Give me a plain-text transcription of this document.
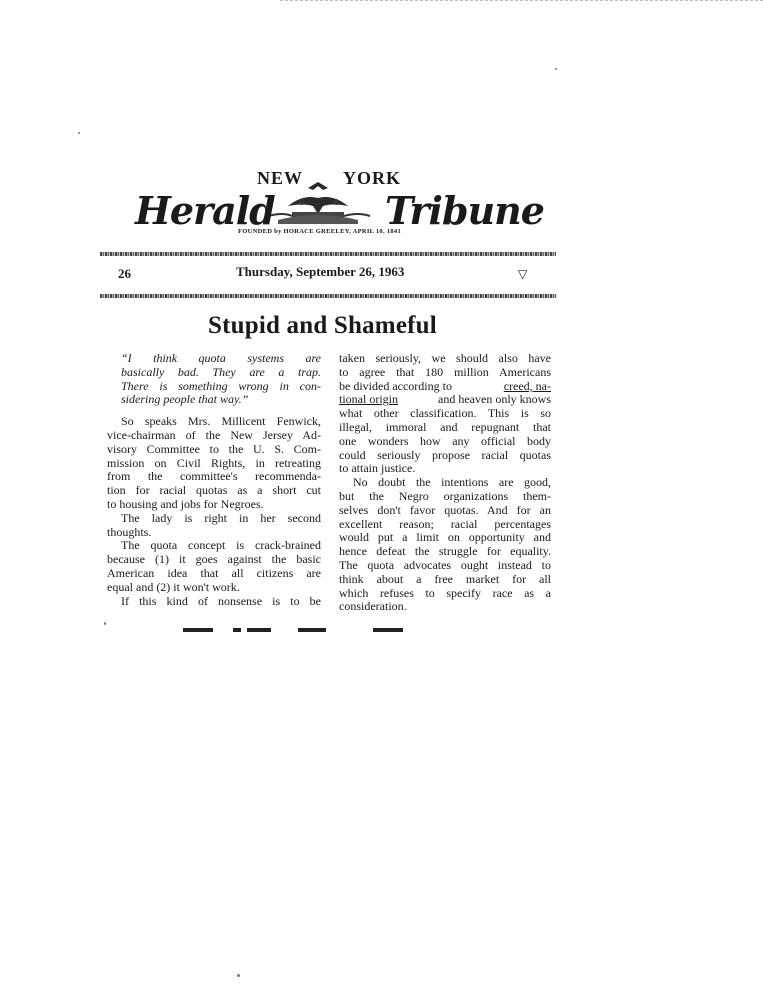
NEW YORK
Herald	Tribune
FOUNDED by HORACE GREELEY, APRIL 10, 1841
26	Thursday, September 26, 1963	▽
Stupid and Shameful
“I think quota systems are
basically bad. They are a trap.
There is something wrong in con-
sidering people that way.”
So speaks Mrs. Millicent Fenwick,
vice-chairman of the New Jersey Ad-
visory Committee to the U. S. Com-
mission on Civil Rights, in retreating
from the committee's recommenda-
tion for racial quotas as a short cut
to housing and jobs for Negroes.
The lady is right in her second
thoughts.
The quota concept is crack-brained
because (1) it goes against the basic
American idea that all citizens are
equal and (2) it won't work.
If this kind of nonsense is to be
taken seriously, we should also have
to agree that 180 million Americans
be divided according to	creed, na-
tional origin	and heaven only knows
what other classification. This is so
illegal, immoral and repugnant that
one wonders how any official body
could seriously propose racial quotas
to attain justice.
No doubt the intentions are good,
but the Negro organizations them-
selves don't favor quotas. And for an
excellent reason; racial percentages
would put a limit on opportunity and
hence defeat the struggle for equality.
The quota advocates ought instead to
think about a free market for all
which refuses to specify race as a
consideration.
